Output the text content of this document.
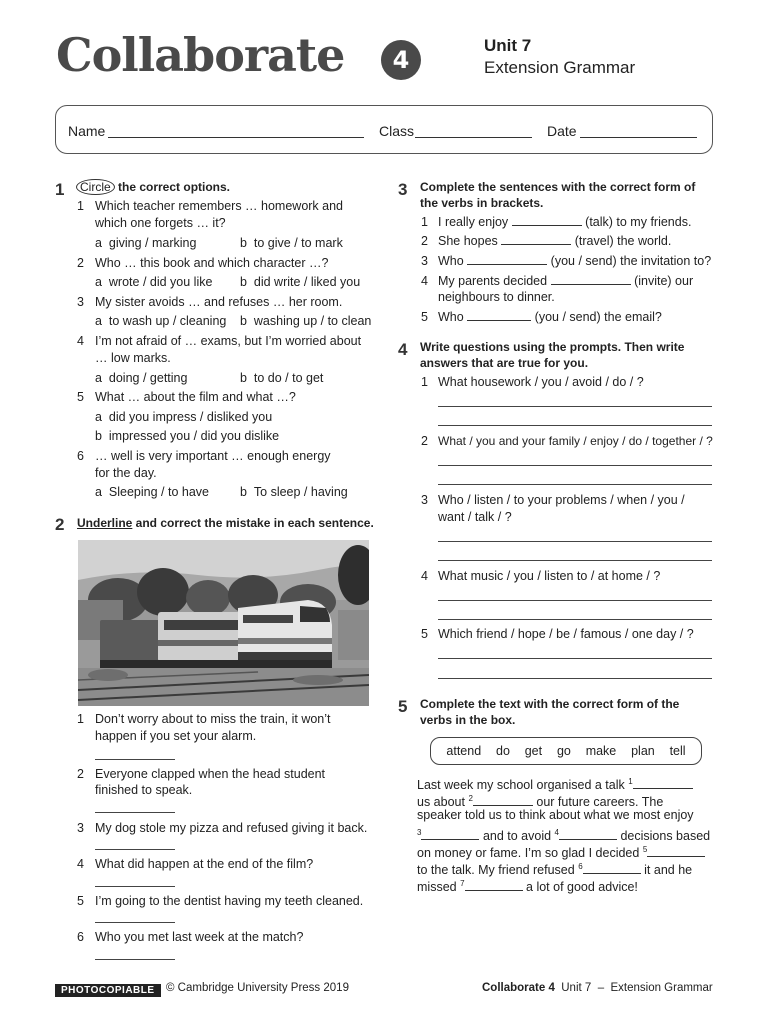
Collaborate	4
Unit 7
Extension Grammar
Name	Class	Date
1	Circle the correct options.
1 Which teacher remembers … homework and
which one forgets … it?
a  giving / marking	b  to give / to mark
2 Who … this book and which character …?
a  wrote / did you like b  did write / liked you
3 My sister avoids … and refuses … her room.
a  to wash up / cleaning b  washing up / to clean
4 I’m not afraid of … exams, but I’m worried about
… low marks.
a  doing / getting	b  to do / to get
5 What … about the film and what …?
a  did you impress / disliked you
b  impressed you / did you dislike
6 … well is very important … enough energy
for the day.
a  Sleeping / to have b  To sleep / having
2 Underline and correct the mistake in each sentence.
1 Don’t worry about to miss the train, it won’t
happen if you set your alarm.
2 Everyone clapped when the head student
finished to speak.
3 My dog stole my pizza and refused giving it back.
4 What did happen at the end of the film?
5 I’m going to the dentist having my teeth cleaned.
6 Who you met last week at the match?
3 Complete the sentences with the correct form of
the verbs in brackets.
1 I really enjoy	(talk) to my friends.
2 She hopes	(travel) the world.
3 Who	(you / send) the invitation to?
4 My parents decided	(invite) our
neighbours to dinner.
5 Who	(you / send) the email?
4 Write questions using the prompts. Then write
answers that are true for you.
1 What housework / you / avoid / do / ?
2 What / you and your family / enjoy / do / together / ?
3 Who / listen / to your problems / when / you /
want / talk / ?
4 What music / you / listen to / at home / ?
5 Which friend / hope / be / famous / one day / ?
5 Complete the text with the correct form of the
verbs in the box.
attend do get go make plan tell
Last week my school organised a talk $^1$
us about $^2$	our future careers. The
speaker told us to think about what we most enjoy
$^3$	and to avoid $^4$	decisions based
on money or fame. I’m so glad I decided $^5$
to the talk. My friend refused $^6$	it and he
missed $^7$	a lot of good advice!
PHOTOCOPIABLE © Cambridge University Press 2019	Collaborate 4 Unit 7 – Extension Grammar
